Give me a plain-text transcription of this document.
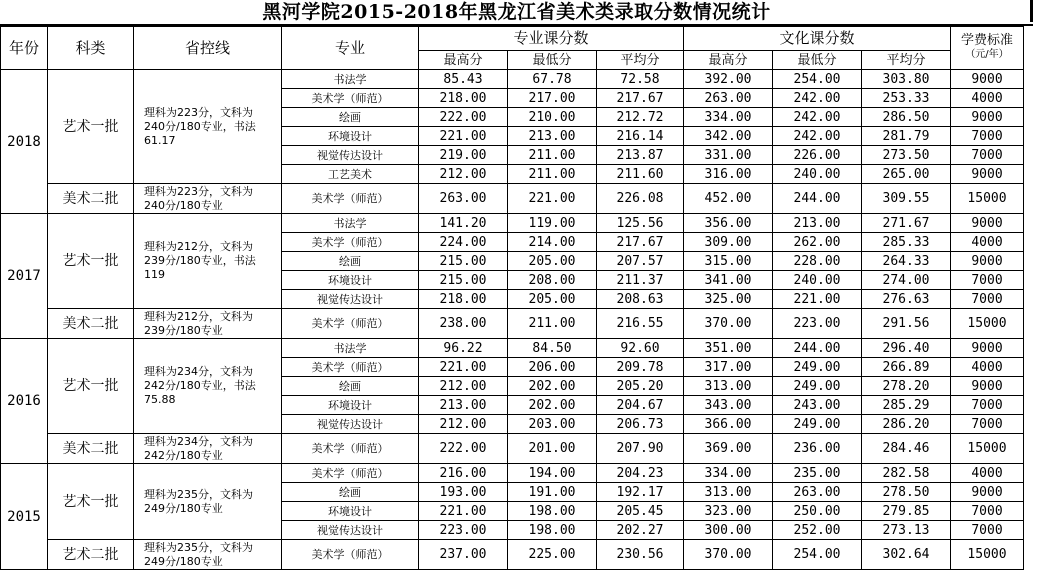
黑河学院2015-2018年黑龙江省美术类录取分数情况统计
年份	科类	省控线	专业	专业课分数			文化课分数			学费标准
（元/年）

				最高分	最低分	平均分	最高分	最低分	平均分	
2018	艺术一批	理科为223分，文科为240分/180专业，书法61.17	书法学	85.43	67.78	72.58	392.00	254.00	303.80	9000
			美术学（师范）	218.00	217.00	217.67	263.00	242.00	253.33	4000
			绘画	222.00	210.00	212.72	334.00	242.00	286.50	9000
			环境设计	221.00	213.00	216.14	342.00	242.00	281.79	7000
			视觉传达设计	219.00	211.00	213.87	331.00	226.00	273.50	7000
			工艺美术	212.00	211.00	211.60	316.00	240.00	265.00	9000
	美术二批	理科为223分，文科为240分/180专业	美术学（师范）	263.00	221.00	226.08	452.00	244.00	309.55	15000
2017	艺术一批	理科为212分，文科为239分/180专业，书法119	书法学	141.20	119.00	125.56	356.00	213.00	271.67	9000
			美术学（师范）	224.00	214.00	217.67	309.00	262.00	285.33	4000
			绘画	215.00	205.00	207.57	315.00	228.00	264.33	9000
			环境设计	215.00	208.00	211.37	341.00	240.00	274.00	7000
			视觉传达设计	218.00	205.00	208.63	325.00	221.00	276.63	7000
	美术二批	理科为212分，文科为239分/180专业	美术学（师范）	238.00	211.00	216.55	370.00	223.00	291.56	15000
2016	艺术一批	理科为234分，文科为242分/180专业，书法75.88	书法学	96.22	84.50	92.60	351.00	244.00	296.40	9000
			美术学（师范）	221.00	206.00	209.78	317.00	249.00	266.89	4000
			绘画	212.00	202.00	205.20	313.00	249.00	278.20	9000
			环境设计	213.00	202.00	204.67	343.00	243.00	285.29	7000
			视觉传达设计	212.00	203.00	206.73	366.00	249.00	286.20	7000
	美术二批	理科为234分，文科为242分/180专业	美术学（师范）	222.00	201.00	207.90	369.00	236.00	284.46	15000
2015	艺术一批	理科为235分，文科为249分/180专业	美术学（师范）	216.00	194.00	204.23	334.00	235.00	282.58	4000
			绘画	193.00	191.00	192.17	313.00	263.00	278.50	9000
			环境设计	221.00	198.00	205.45	323.00	250.00	279.85	7000
			视觉传达设计	223.00	198.00	202.27	300.00	252.00	273.13	7000
	艺术二批	理科为235分，文科为249分/180专业	美术学（师范）	237.00	225.00	230.56	370.00	254.00	302.64	15000
